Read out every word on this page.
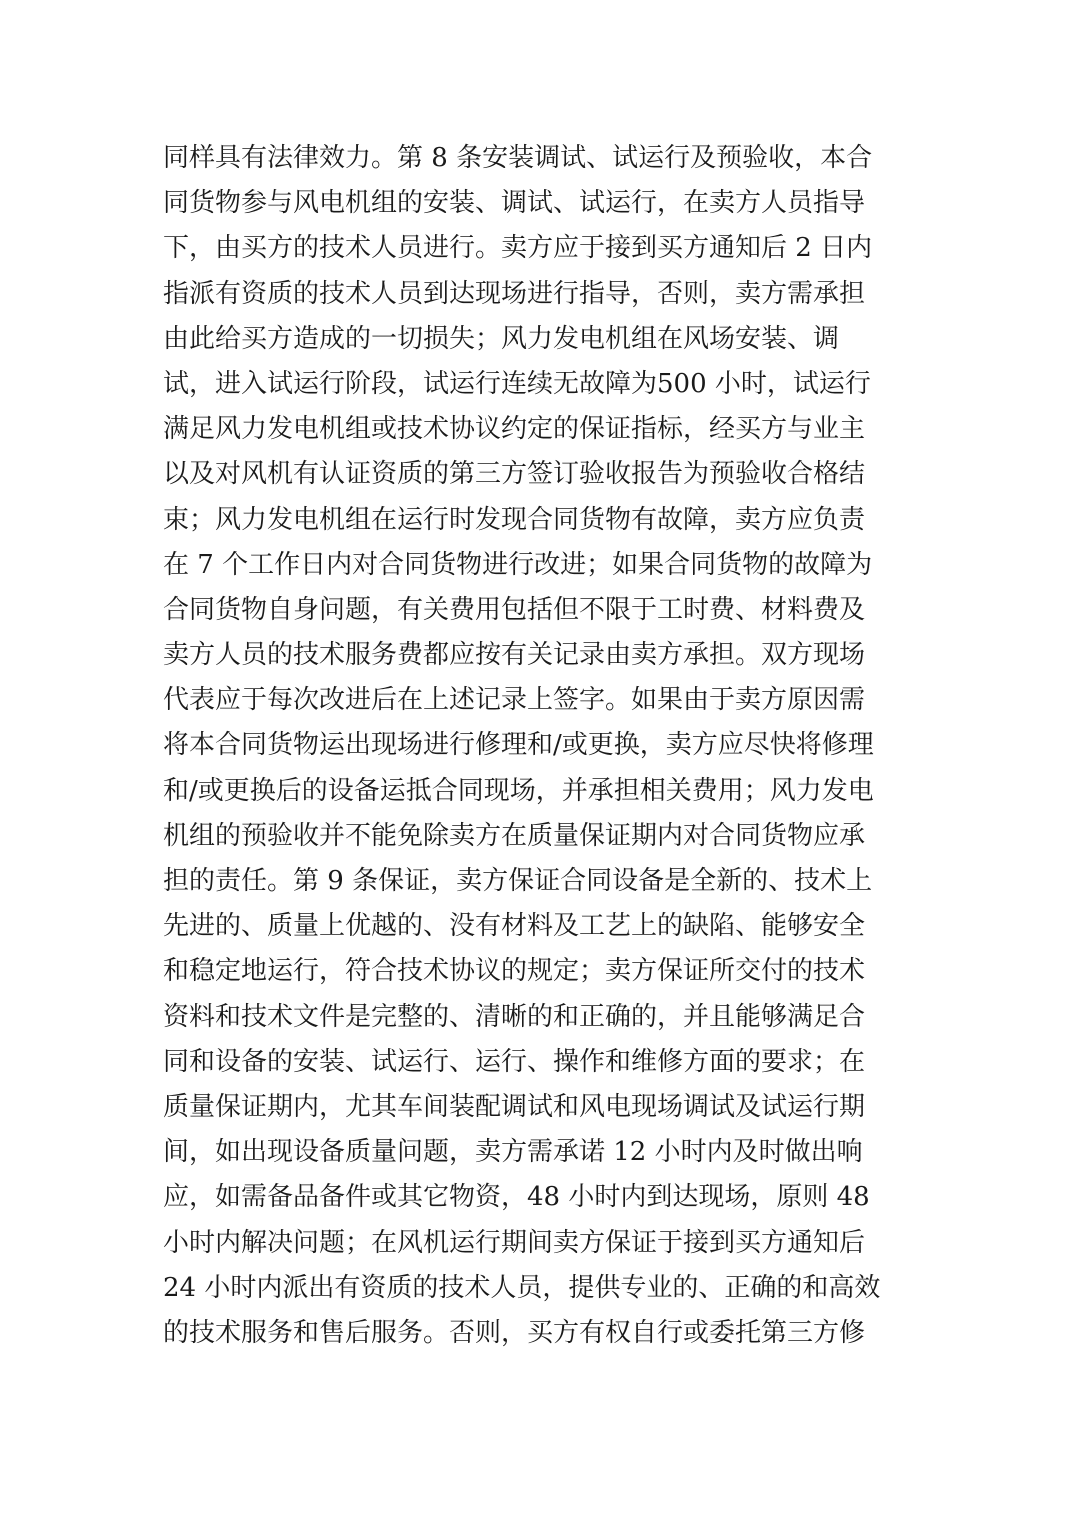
同样具有法律效力。第 8 条安装调试、试运行及预验收，本合
同货物参与风电机组的安装、调试、试运行，在卖方人员指导
下，由买方的技术人员进行。卖方应于接到买方通知后 2 日内
指派有资质的技术人员到达现场进行指导，否则，卖方需承担
由此给买方造成的一切损失；风力发电机组在风场安装、调
试，进入试运行阶段，试运行连续无故障为500 小时，试运行
满足风力发电机组或技术协议约定的保证指标，经买方与业主
以及对风机有认证资质的第三方签订验收报告为预验收合格结
束；风力发电机组在运行时发现合同货物有故障，卖方应负责
在 7 个工作日内对合同货物进行改进；如果合同货物的故障为
合同货物自身问题，有关费用包括但不限于工时费、材料费及
卖方人员的技术服务费都应按有关记录由卖方承担。双方现场
代表应于每次改进后在上述记录上签字。如果由于卖方原因需
将本合同货物运出现场进行修理和/或更换，卖方应尽快将修理
和/或更换后的设备运抵合同现场，并承担相关费用；风力发电
机组的预验收并不能免除卖方在质量保证期内对合同货物应承
担的责任。第 9 条保证，卖方保证合同设备是全新的、技术上
先进的、质量上优越的、没有材料及工艺上的缺陷、能够安全
和稳定地运行，符合技术协议的规定；卖方保证所交付的技术
资料和技术文件是完整的、清晰的和正确的，并且能够满足合
同和设备的安装、试运行、运行、操作和维修方面的要求；在
质量保证期内，尤其车间装配调试和风电现场调试及试运行期
间，如出现设备质量问题，卖方需承诺 12 小时内及时做出响
应，如需备品备件或其它物资，48 小时内到达现场，原则 48
小时内解决问题；在风机运行期间卖方保证于接到买方通知后
24 小时内派出有资质的技术人员，提供专业的、正确的和高效
的技术服务和售后服务。否则，买方有权自行或委托第三方修
